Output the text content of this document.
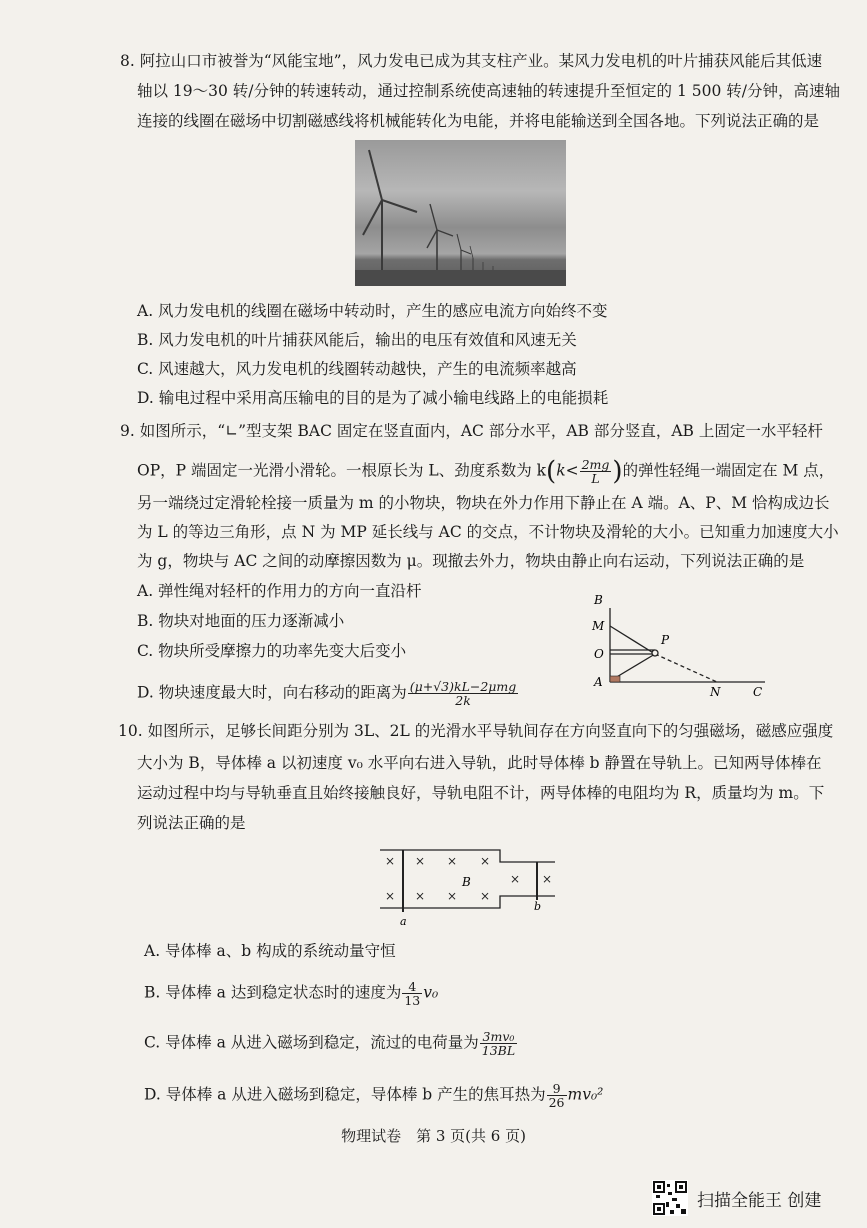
8. 阿拉山口市被誉为“风能宝地”，风力发电已成为其支柱产业。某风力发电机的叶片捕获风能后其低速
轴以 19～30 转/分钟的转速转动，通过控制系统使高速轴的转速提升至恒定的 1 500 转/分钟，高速轴
连接的线圈在磁场中切割磁感线将机械能转化为电能，并将电能输送到全国各地。下列说法正确的是
A. 风力发电机的线圈在磁场中转动时，产生的感应电流方向始终不变
B. 风力发电机的叶片捕获风能后，输出的电压有效值和风速无关
C. 风速越大，风力发电机的线圈转动越快，产生的电流频率越高
D. 输电过程中采用高压输电的目的是为了减小输电线路上的电能损耗
9. 如图所示，“∟”型支架 BAC 固定在竖直面内，AC 部分水平，AB 部分竖直，AB 上固定一水平轻杆
OP，P 端固定一光滑小滑轮。一根原长为 L、劲度系数为 $k(k< \frac{2mg}{L}$ )的弹性轻绳一端固定在 M 点，
另一端绕过定滑轮栓接一质量为 m 的小物块，物块在外力作用下静止在 A 端。A、P、M 恰构成边长
为 L 的等边三角形，点 N 为 MP 延长线与 AC 的交点，不计物块及滑轮的大小。已知重力加速度大小
为 g，物块与 AC 之间的动摩擦因数为 μ。现撤去外力，物块由静止向右运动，下列说法正确的是
A. 弹性绳对轻杆的作用力的方向一直沿杆
B. 物块对地面的压力逐渐减小
C. 物块所受摩擦力的功率先变大后变小
D. 物块速度最大时，向右移动的距离为 $\frac{\text{(μ+√3)kL−2μmg}}{2k}$
B
M
O
A
P
N	C
10. 如图所示，足够长间距分别为 3L、2L 的光滑水平导轨间存在方向竖直向下的匀强磁场，磁感应强度
大小为 B，导体棒 a 以初速度 v₀ 水平向右进入导轨，此时导体棒 b 静置在导轨上。已知两导体棒在
运动过程中均与导轨垂直且始终接触良好，导轨电阻不计，两导体棒的电阻均为 R，质量均为 m。下
列说法正确的是
× × × ×
× ×
× × × ×
B
a
b
A. 导体棒 a、b 构成的系统动量守恒
B. 导体棒 a 达到稳定状态时的速度为 $\frac{4}{13} v_0$
C. 导体棒 a 从进入磁场到稳定，流过的电荷量为 $\frac{\text{3mv₀}}{13BL}$
D. 导体棒 a 从进入磁场到稳定，导体棒 b 产生的焦耳热为 $\frac{9}{26} mv_0^2$
物理试卷　第 3 页(共 6 页)
扫描全能王 创建
